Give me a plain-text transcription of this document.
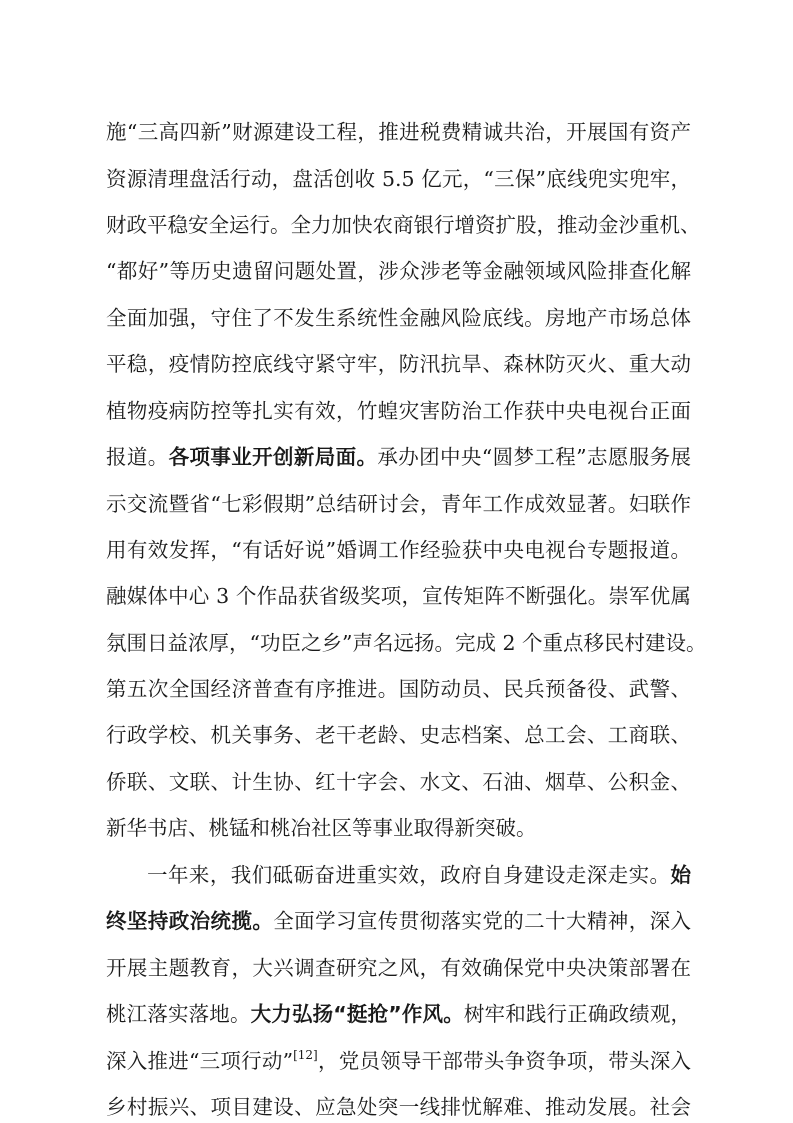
施“三高四新”财源建设工程，推进税费精诚共治，开展国有资产
资源清理盘活行动，盘活创收 5.5 亿元，“三保”底线兜实兜牢，
财政平稳安全运行。全力加快农商银行增资扩股，推动金沙重机、
“都好”等历史遗留问题处置，涉众涉老等金融领域风险排查化解
全面加强，守住了不发生系统性金融风险底线。房地产市场总体
平稳，疫情防控底线守紧守牢，防汛抗旱、森林防灭火、重大动
植物疫病防控等扎实有效，竹蝗灾害防治工作获中央电视台正面
报道。各项事业开创新局面。承办团中央“圆梦工程”志愿服务展
示交流暨省“七彩假期”总结研讨会，青年工作成效显著。妇联作
用有效发挥，“有话好说”婚调工作经验获中央电视台专题报道。
融媒体中心 3 个作品获省级奖项，宣传矩阵不断强化。崇军优属
氛围日益浓厚，“功臣之乡”声名远扬。完成 2 个重点移民村建设。
第五次全国经济普查有序推进。国防动员、民兵预备役、武警、
行政学校、机关事务、老干老龄、史志档案、总工会、工商联、
侨联、文联、计生协、红十字会、水文、石油、烟草、公积金、
新华书店、桃锰和桃冶社区等事业取得新突破。
一年来，我们砥砺奋进重实效，政府自身建设走深走实。始
终坚持政治统揽。全面学习宣传贯彻落实党的二十大精神，深入
开展主题教育，大兴调查研究之风，有效确保党中央决策部署在
桃江落实落地。大力弘扬“挺抢”作风。树牢和践行正确政绩观，
深入推进“三项行动”[12]，党员领导干部带头争资争项，带头深入
乡村振兴、项目建设、应急处突一线排忧解难、推动发展。社会
